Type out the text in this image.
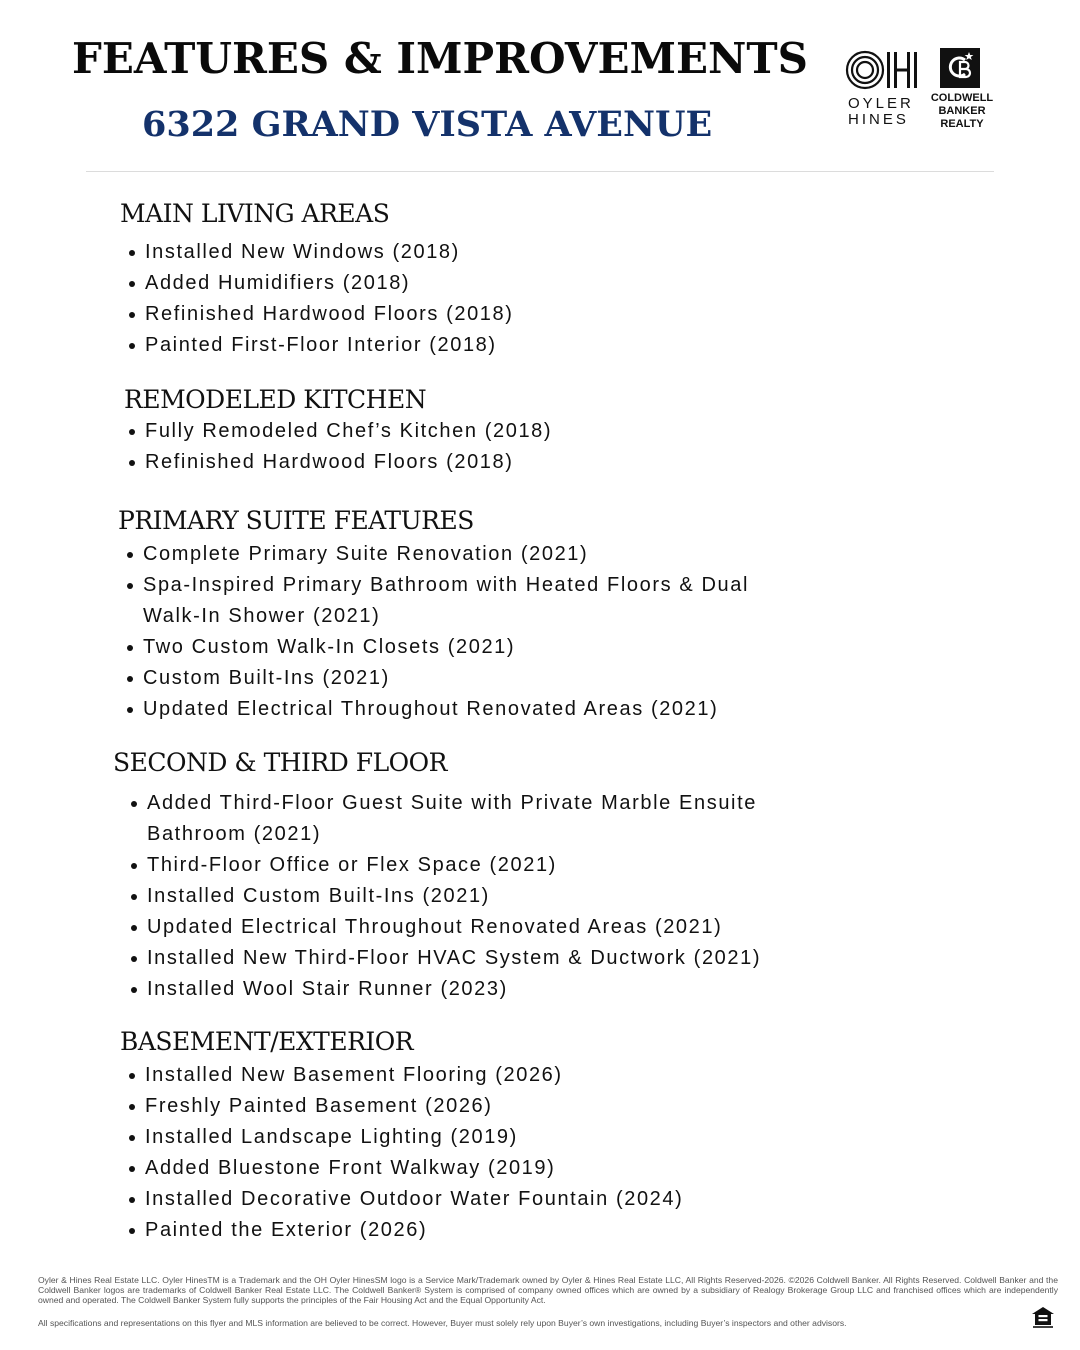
FEATURES & IMPROVEMENTS
6322 GRAND VISTA AVENUE
OYLER
HINES
COLDWELL
BANKER
REALTY
MAIN LIVING AREAS
Installed New Windows (2018)
Added Humidifiers (2018)
Refinished Hardwood Floors (2018)
Painted First-Floor Interior (2018)
REMODELED KITCHEN
Fully Remodeled Chef’s Kitchen (2018)
Refinished Hardwood Floors (2018)
PRIMARY SUITE FEATURES
Complete Primary Suite Renovation (2021)
Spa-Inspired Primary Bathroom with Heated Floors & Dual Walk-In Shower (2021)
Two Custom Walk-In Closets (2021)
Custom Built-Ins (2021)
Updated Electrical Throughout Renovated Areas (2021)
SECOND & THIRD FLOOR
Added Third-Floor Guest Suite with Private Marble Ensuite Bathroom (2021)
Third-Floor Office or Flex Space (2021)
Installed Custom Built-Ins (2021)
Updated Electrical Throughout Renovated Areas (2021)
Installed New Third-Floor HVAC System & Ductwork (2021)
Installed Wool Stair Runner (2023)
BASEMENT/EXTERIOR
Installed New Basement Flooring (2026)
Freshly Painted Basement (2026)
Installed Landscape Lighting (2019)
Added Bluestone Front Walkway (2019)
Installed Decorative Outdoor Water Fountain (2024)
Painted the Exterior (2026)

Oyler & Hines Real Estate LLC. Oyler HinesTM is a Trademark and the OH Oyler HinesSM logo is a Service Mark/Trademark owned by Oyler & Hines Real Estate LLC, All Rights Reserved-2026. ©2026 Coldwell Banker. All Rights Reserved. Coldwell Banker and the Coldwell Banker logos are trademarks of Coldwell Banker Real Estate LLC. The Coldwell Banker® System is comprised of company owned offices which are owned by a subsidiary of Realogy Brokerage Group LLC and franchised offices which are independently owned and operated. The Coldwell Banker System fully supports the principles of the Fair Housing Act and the Equal Opportunity Act.

All specifications and representations on this flyer and MLS information are believed to be correct. However, Buyer must solely rely upon Buyer’s own investigations, including Buyer’s inspectors and other advisors.
